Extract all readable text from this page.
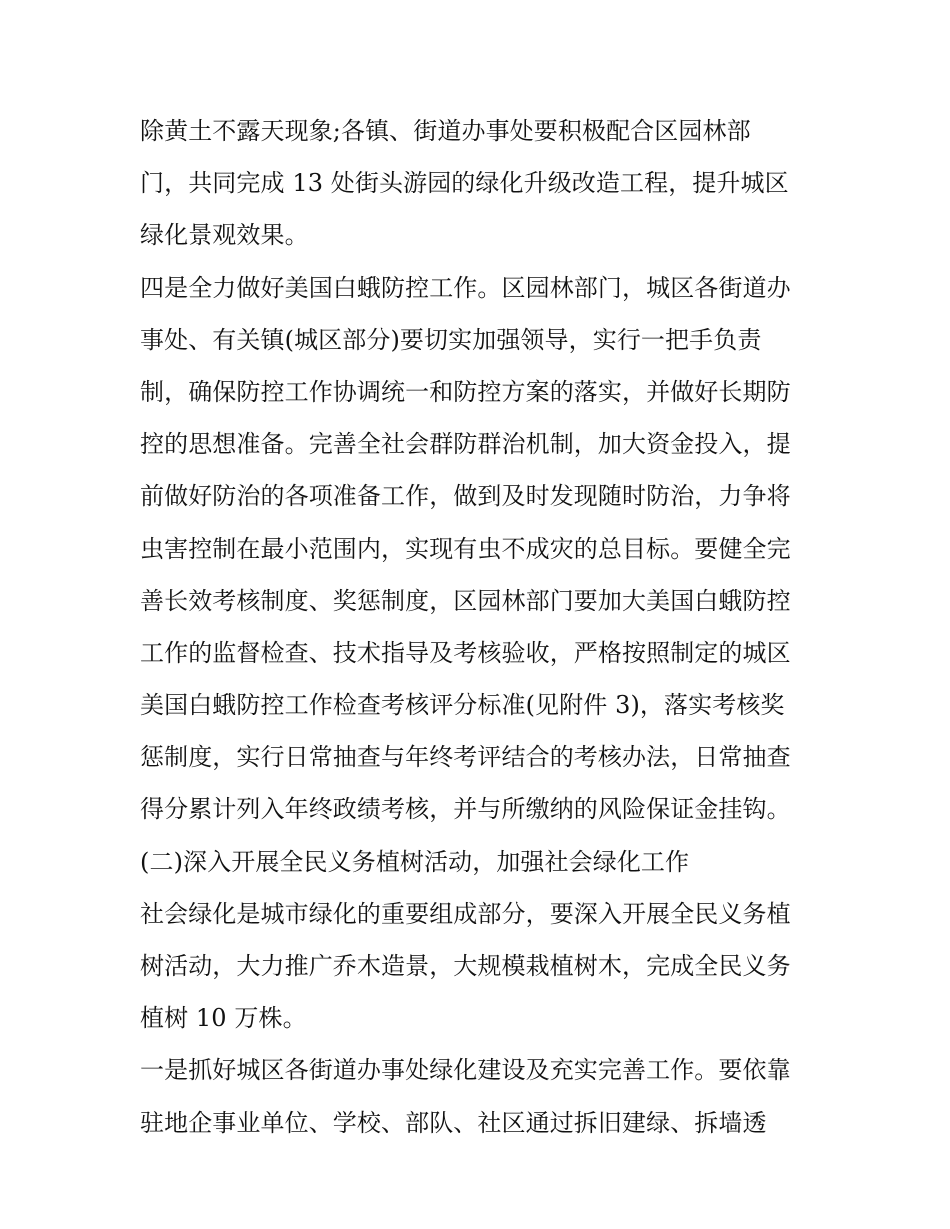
除黄土不露天现象;各镇、街道办事处要积极配合区园林部
门，共同完成 13 处街头游园的绿化升级改造工程，提升城区
绿化景观效果。
四是全力做好美国白蛾防控工作。区园林部门，城区各街道办
事处、有关镇(城区部分)要切实加强领导，实行一把手负责
制，确保防控工作协调统一和防控方案的落实，并做好长期防
控的思想准备。完善全社会群防群治机制，加大资金投入，提
前做好防治的各项准备工作，做到及时发现随时防治，力争将
虫害控制在最小范围内，实现有虫不成灾的总目标。要健全完
善长效考核制度、奖惩制度，区园林部门要加大美国白蛾防控
工作的监督检查、技术指导及考核验收，严格按照制定的城区
美国白蛾防控工作检查考核评分标准(见附件 3)，落实考核奖
惩制度，实行日常抽查与年终考评结合的考核办法，日常抽查
得分累计列入年终政绩考核，并与所缴纳的风险保证金挂钩。
(二)深入开展全民义务植树活动，加强社会绿化工作
社会绿化是城市绿化的重要组成部分，要深入开展全民义务植
树活动，大力推广乔木造景，大规模栽植树木，完成全民义务
植树 10 万株。
一是抓好城区各街道办事处绿化建设及充实完善工作。要依靠
驻地企事业单位、学校、部队、社区通过拆旧建绿、拆墙透
